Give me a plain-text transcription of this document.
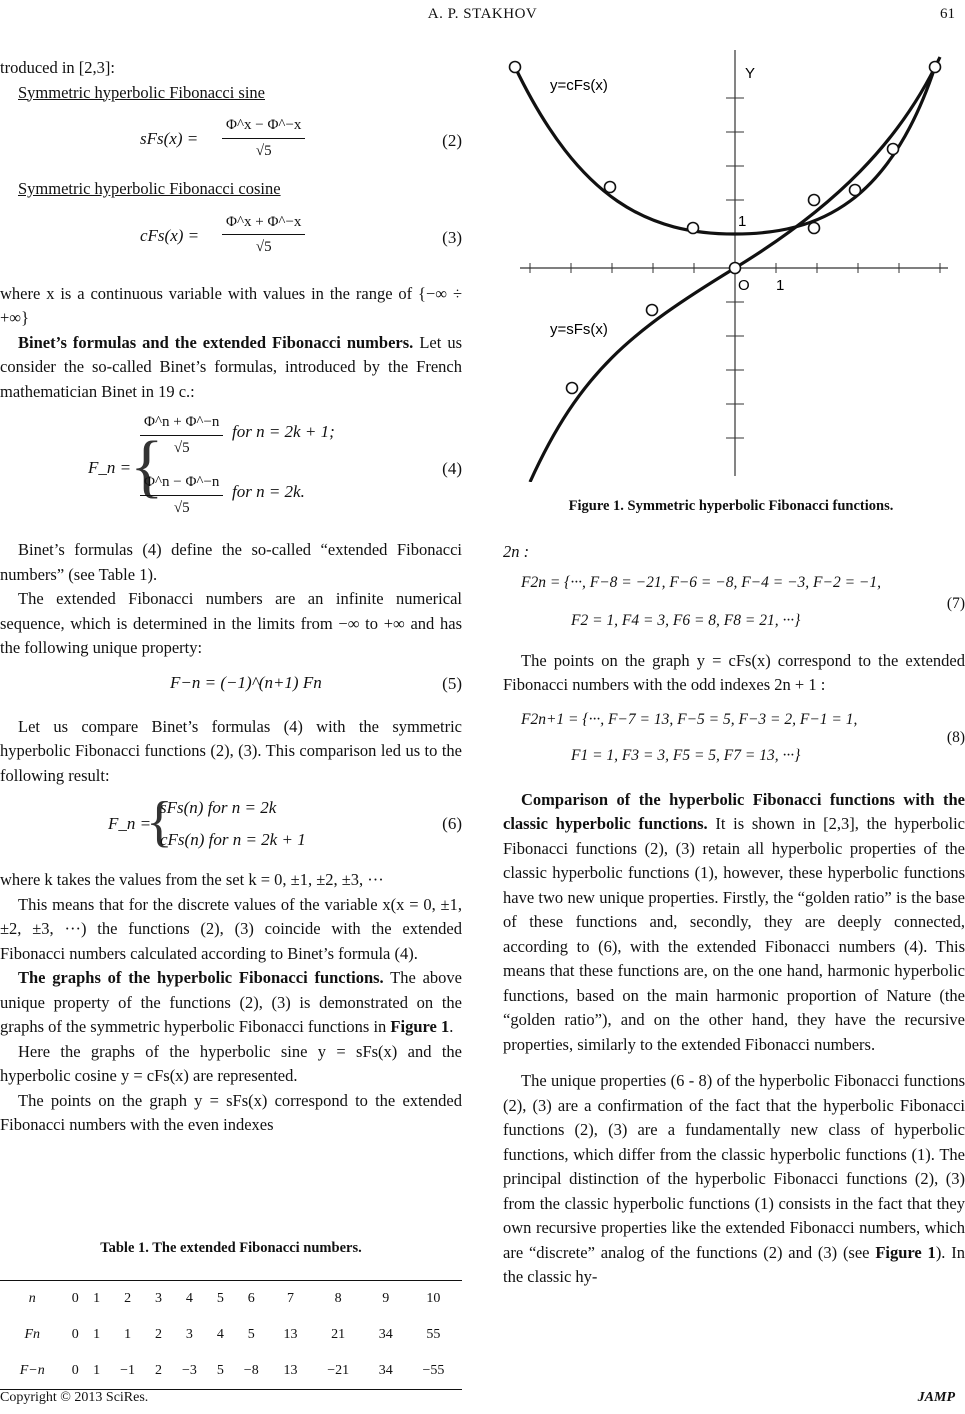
A. P. STAKHOV	61

troduced in [2,3]:

Symmetric hyperbolic Fibonacci sine

$sFs(x) = \frac{\Phi\^{}x - \Phi\^{}-x}{√5}$	(2)

Symmetric hyperbolic Fibonacci cosine

$cFs(x) = \frac{\Phi\^{}x + \Phi\^{}-x}{√5}$	(3)

where x is a continuous variable with values in the range of {−∞ ÷ +∞}

Binet’s formulas and the extended Fibonacci numbers. Let us consider the so-called Binet’s formulas, introduced by the French mathematician Binet in 19 c.:

F_n =
{
$\frac{\Phi\^{}n + \Phi\^{}-n}{√5}$ for n = 2k + 1;
$\frac{\Phi\^{}n - \Phi\^{}-n}{√5}$ for n = 2k.
(4)

Binet’s formulas (4) define the so-called “extended Fibonacci numbers” (see Table 1).

The extended Fibonacci numbers are an infinite numerical sequence, which is determined in the limits from −∞ to +∞ and has the following unique property:

F−n = (−1)^(n+1) Fn	(5)

Let us compare Binet’s formulas (4) with the symmetric hyperbolic Fibonacci functions (2), (3). This comparison led us to the following result:

F_n =
{
sFs(n) for n = 2k
cFs(n) for n = 2k + 1
(6)

where k takes the values from the set k = 0, ±1, ±2, ±3, ···

This means that for the discrete values of the variable x(x = 0, ±1, ±2, ±3, ···) the functions (2), (3) coincide with the extended Fibonacci numbers calculated according to Binet’s formula (4).

The graphs of the hyperbolic Fibonacci functions. The above unique property of the functions (2), (3) is demonstrated on the graphs of the symmetric hyperbolic Fibonacci functions in Figure 1.

Here the graphs of the hyperbolic sine y = sFs(x) and the hyperbolic cosine y = cFs(x) are represented.

The points on the graph y = sFs(x) correspond to the extended Fibonacci numbers with the even indexes

Table 1. The extended Fibonacci numbers.
n	0	1	2	3	4	5	6	7	8	9	10
Fn	0	1	1	2	3	4	5	13	21	34	55
F−n	0	1	−1	2	−3	5	−8	13	−21	34	−55
y=cFs(x)
y=sFs(x)
Y
O 1
1
Figure 1. Symmetric hyperbolic Fibonacci functions.

2n :

F2n = {···, F−8 = −21, F−6 = −8, F−4 = −3, F−2 = −1,
F2 = 1, F4 = 3, F6 = 8, F8 = 21, ···}
(7)

The points on the graph y = cFs(x) correspond to the extended Fibonacci numbers with the odd indexes 2n + 1 :

F2n+1 = {···, F−7 = 13, F−5 = 5, F−3 = 2, F−1 = 1,
F1 = 1, F3 = 3, F5 = 5, F7 = 13, ···}
(8)

Comparison of the hyperbolic Fibonacci functions with the classic hyperbolic functions. It is shown in [2,3], the hyperbolic Fibonacci functions (2), (3) retain all hyperbolic properties of the classic hyperbolic functions (1), however, these hyperbolic functions have two new unique properties. Firstly, the “golden ratio” is the base of these functions and, secondly, they are deeply connected, according to (6), with the extended Fibonacci numbers (4). This means that these functions are, on the one hand, harmonic hyperbolic functions, based on the main harmonic proportion of Nature (the “golden ratio”), and on the other hand, they have the recursive properties, similarly to the extended Fibonacci numbers.

The unique properties (6 - 8) of the hyperbolic Fibonacci functions (2), (3) are a confirmation of the fact that the hyperbolic Fibonacci functions (2), (3) are a fundamentally new class of hyperbolic functions, which differ from the classic hyperbolic functions (1). The principal distinction of the hyperbolic Fibonacci functions (2), (3) from the classic hyperbolic functions (1) consists in the fact that they own recursive properties like the extended Fibonacci numbers, which are “discrete” analog of the functions (2) and (3) (see Figure 1). In the classic hy-

Copyright © 2013 SciRes.	JAMP
